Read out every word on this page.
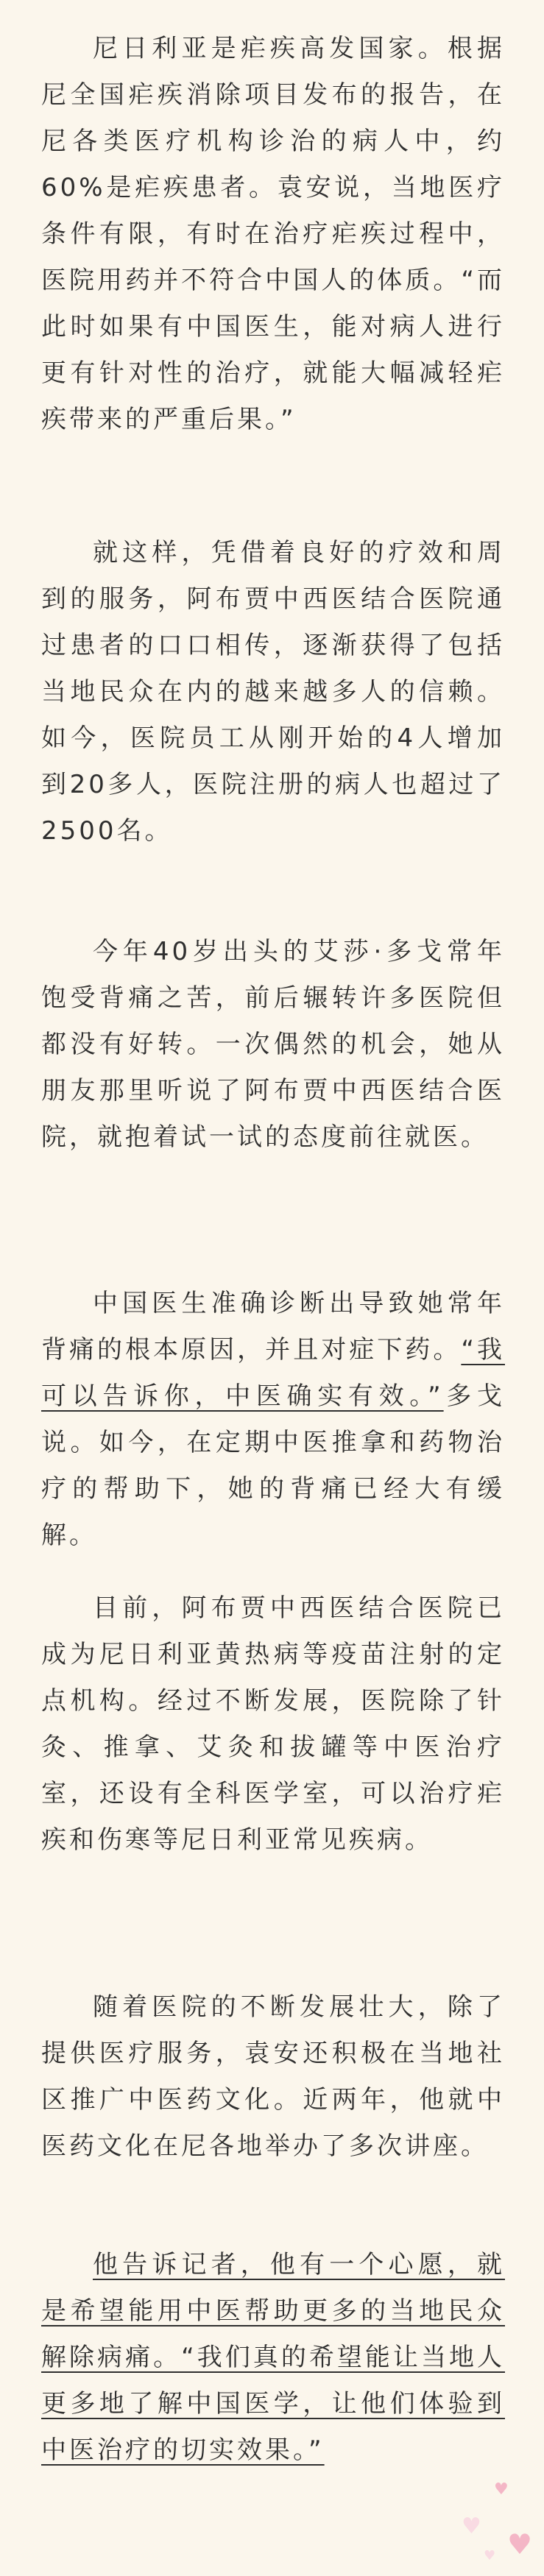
尼日利亚是疟疾高发国家。根据尼全国疟疾消除项目发布的报告，在尼各类医疗机构诊治的病人中，约60%是疟疾患者。袁安说，当地医疗条件有限，有时在治疗疟疾过程中，医院用药并不符合中国人的体质。“而此时如果有中国医生，能对病人进行更有针对性的治疗，就能大幅减轻疟疾带来的严重后果。”

就这样，凭借着良好的疗效和周到的服务，阿布贾中西医结合医院通过患者的口口相传，逐渐获得了包括当地民众在内的越来越多人的信赖。如今，医院员工从刚开始的4人增加到20多人，医院注册的病人也超过了2500名。

今年40岁出头的艾莎·多戈常年饱受背痛之苦，前后辗转许多医院但都没有好转。一次偶然的机会，她从朋友那里听说了阿布贾中西医结合医院，就抱着试一试的态度前往就医。

中国医生准确诊断出导致她常年背痛的根本原因，并且对症下药。“我可以告诉你，中医确实有效。”多戈说。如今，在定期中医推拿和药物治疗的帮助下，她的背痛已经大有缓解。

目前，阿布贾中西医结合医院已成为尼日利亚黄热病等疫苗注射的定点机构。经过不断发展，医院除了针灸、推拿、艾灸和拔罐等中医治疗室，还设有全科医学室，可以治疗疟疾和伤寒等尼日利亚常见疾病。

随着医院的不断发展壮大，除了提供医疗服务，袁安还积极在当地社区推广中医药文化。近两年，他就中医药文化在尼各地举办了多次讲座。

他告诉记者，他有一个心愿，就是希望能用中医帮助更多的当地民众解除病痛。“我们真的希望能让当地人更多地了解中国医学，让他们体验到中医治疗的切实效果。”

♥
♥
♥
♥
